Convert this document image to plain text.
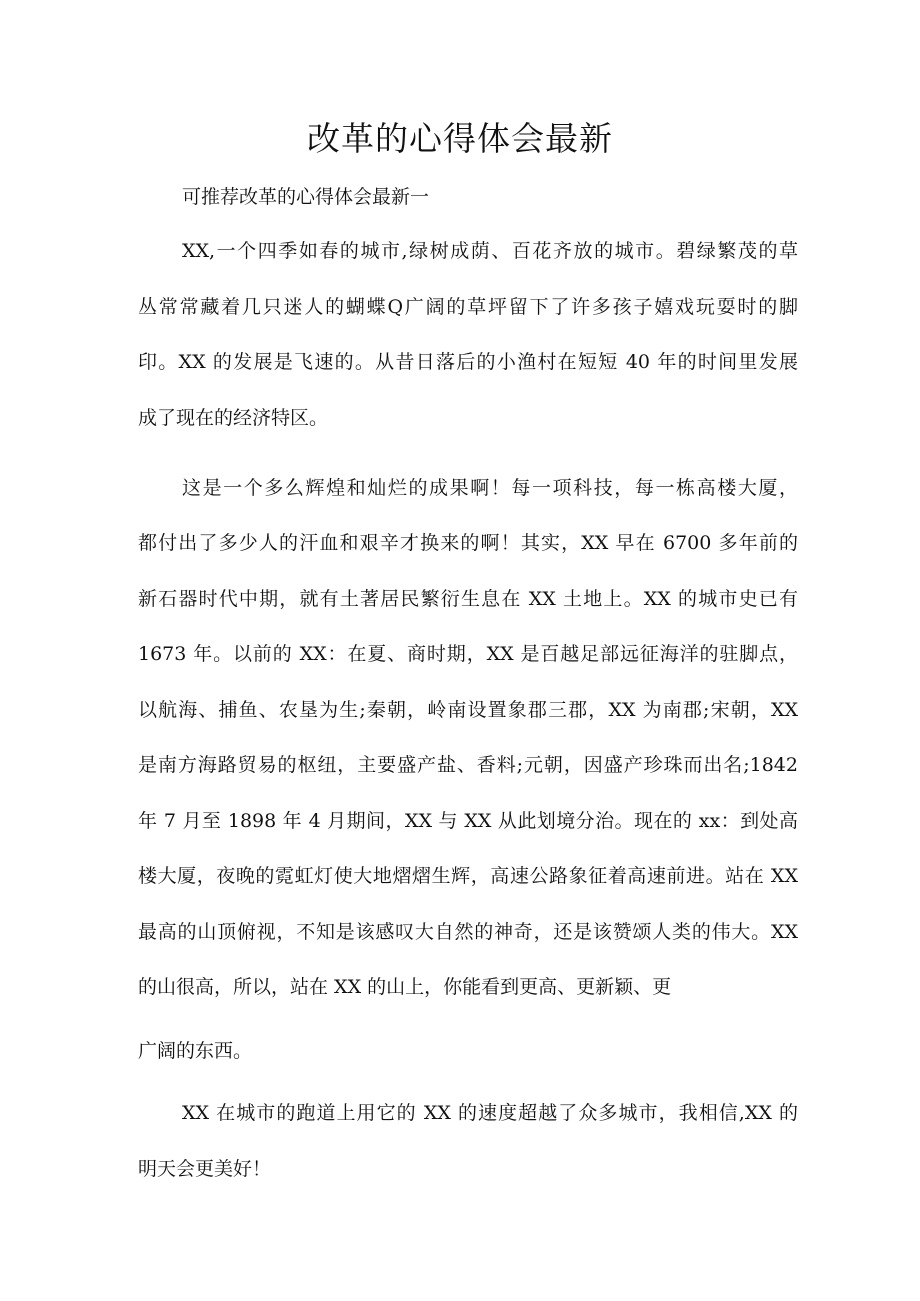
改革的心得体会最新

可推荐改革的心得体会最新一

XX,一个四季如春的城市,绿树成荫、百花齐放的城市。碧绿繁茂的草

丛常常藏着几只迷人的蝴蝶Q广阔的草坪留下了许多孩子嬉戏玩耍时的脚

印。XX 的发展是飞速的。从昔日落后的小渔村在短短 40 年的时间里发展

成了现在的经济特区。

这是一个多么辉煌和灿烂的成果啊！每一项科技，每一栋高楼大厦，

都付出了多少人的汗血和艰辛才换来的啊！其实，XX 早在 6700 多年前的

新石器时代中期，就有土著居民繁衍生息在 XX 土地上。XX 的城市史已有

1673 年。以前的 XX：在夏、商时期，XX 是百越足部远征海洋的驻脚点，

以航海、捕鱼、农垦为生;秦朝，岭南设置象郡三郡，XX 为南郡;宋朝，XX

是南方海路贸易的枢纽，主要盛产盐、香料;元朝，因盛产珍珠而出名;1842

年 7 月至 1898 年 4 月期间，XX 与 XX 从此划境分治。现在的 xx：到处高

楼大厦，夜晚的霓虹灯使大地熠熠生辉，高速公路象征着高速前进。站在 XX

最高的山顶俯视，不知是该感叹大自然的神奇，还是该赞颂人类的伟大。XX

的山很高，所以，站在 XX 的山上，你能看到更高、更新颖、更

广阔的东西。

XX 在城市的跑道上用它的 XX 的速度超越了众多城市，我相信,XX 的

明天会更美好！
